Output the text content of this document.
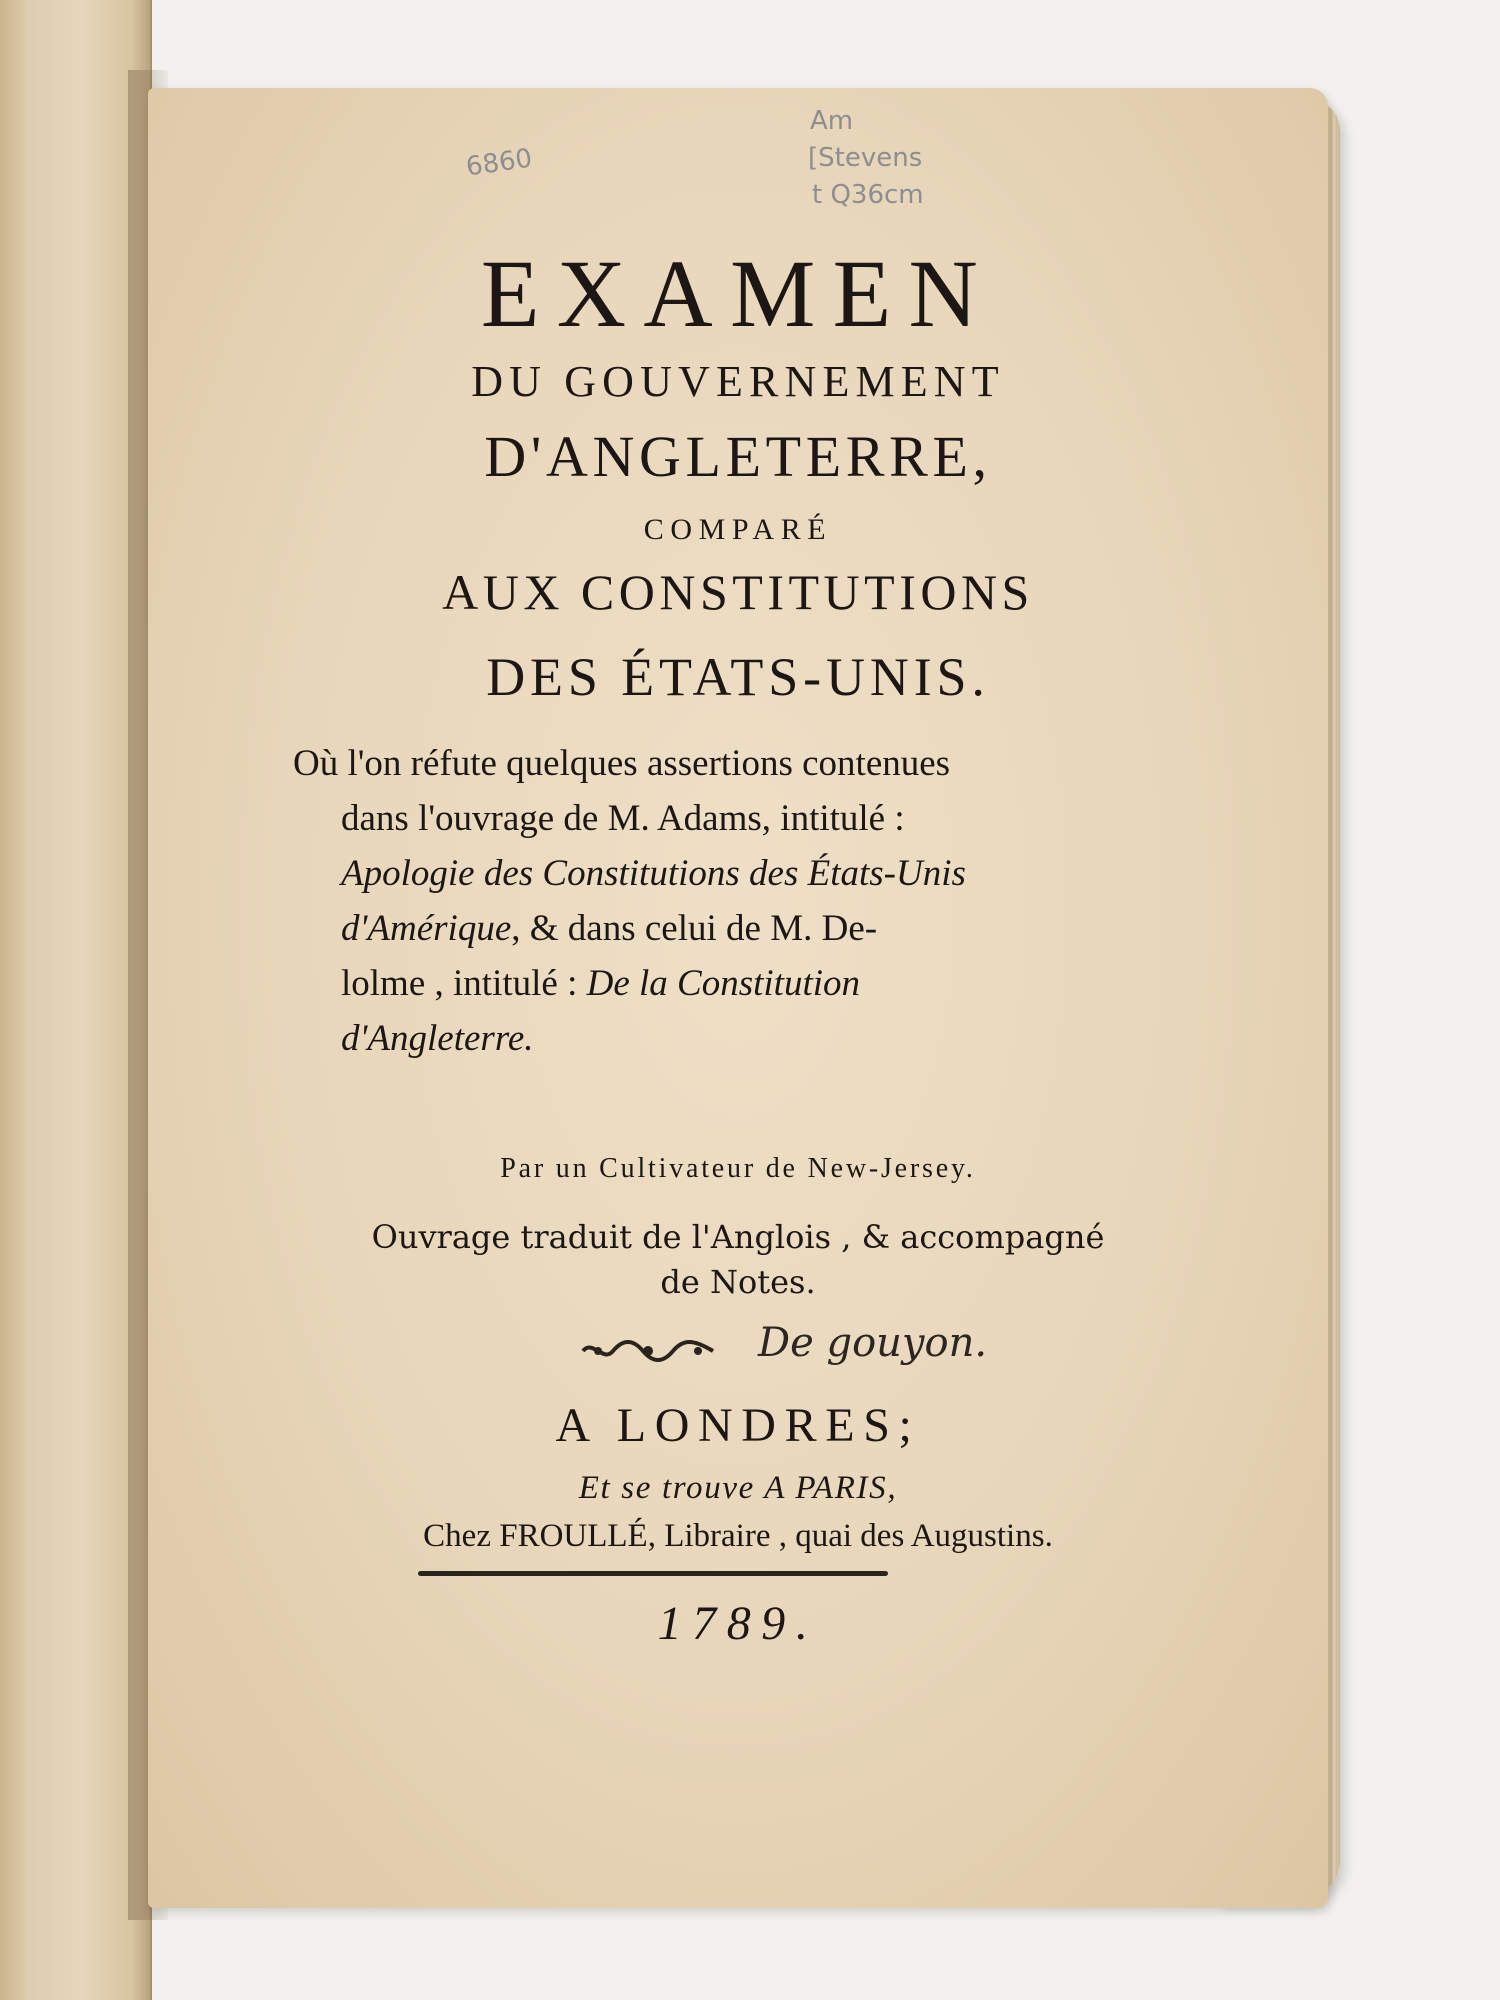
6860
Am
[Stevens
t Q36cm
EXAMEN
DU GOUVERNEMENT
D'ANGLETERRE,
COMPARÉ
AUX CONSTITUTIONS
DES ÉTATS-UNIS.
Où l'on réfute quelques assertions contenues
dans l'ouvrage de M. Adams, intitulé :
Apologie des Constitutions des États-Unis
d'Amérique, & dans celui de M. De-
lolme , intitulé : De la Constitution
d'Angleterre.
Par un Cultivateur de New-Jersey.
Ouvrage traduit de l'Anglois , & accompagné
de Notes.
De gouyon.
A LONDRES;
Et se trouve A PARIS,
Chez FROULLÉ, Libraire , quai des Augustins.
1789.
